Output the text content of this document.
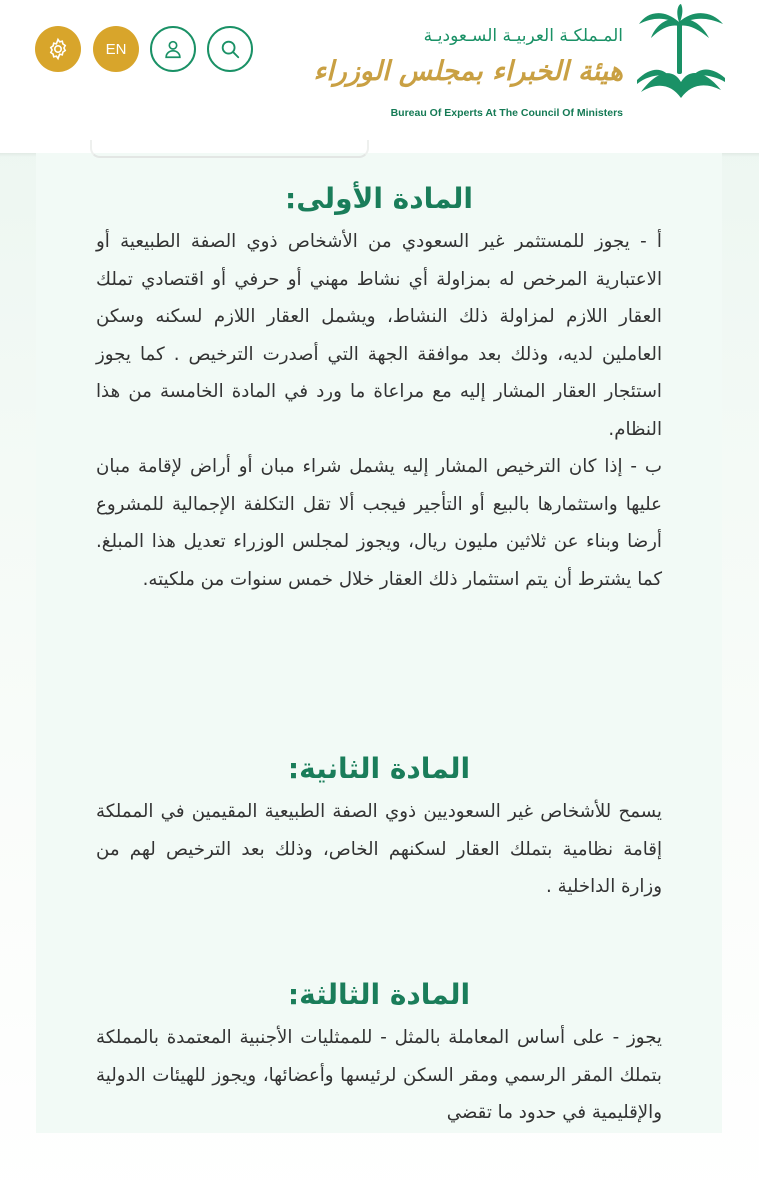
EN
المـملكـة العربيـة السـعوديـة
هيئة الخبراء بمجلس الوزراء
Bureau Of Experts At The Council Of Ministers
المادة الأولى:

أ - يجوز للمستثمر غير السعودي من الأشخاص ذوي الصفة الطبيعية أو الاعتبارية المرخص له بمزاولة أي نشاط مهني أو حرفي أو اقتصادي تملك العقار اللازم لمزاولة ذلك النشاط، ويشمل العقار اللازم لسكنه وسكن العاملين لديه، وذلك بعد موافقة الجهة التي أصدرت الترخيص . كما يجوز استئجار العقار المشار إليه مع مراعاة ما ورد في المادة الخامسة من هذا النظام.

ب - إذا كان الترخيص المشار إليه يشمل شراء مبان أو أراض لإقامة مبان عليها واستثمارها بالبيع أو التأجير فيجب ألا تقل التكلفة الإجمالية للمشروع أرضا وبناء عن ثلاثين مليون ريال، ويجوز لمجلس الوزراء تعديل هذا المبلغ. كما يشترط أن يتم استثمار ذلك العقار خلال خمس سنوات من ملكيته.

المادة الثانية:

يسمح للأشخاص غير السعوديين ذوي الصفة الطبيعية المقيمين في المملكة إقامة نظامية بتملك العقار لسكنهم الخاص، وذلك بعد الترخيص لهم من وزارة الداخلية .

المادة الثالثة:

يجوز - على أساس المعاملة بالمثل - للممثليات الأجنبية المعتمدة بالمملكة بتملك المقر الرسمي ومقر السكن لرئيسها وأعضائها، ويجوز للهيئات الدولية والإقليمية في حدود ما تقضي
